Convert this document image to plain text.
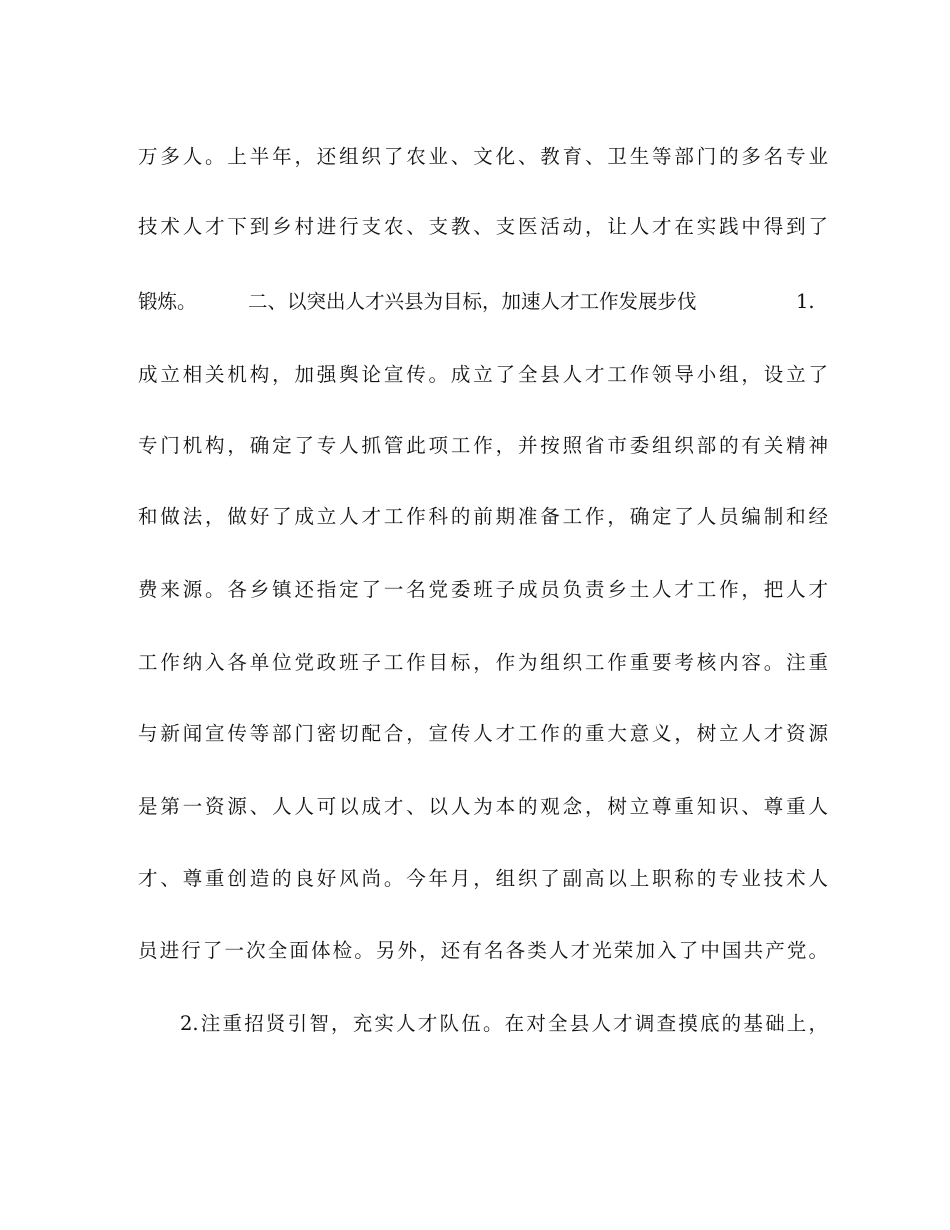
万多人。上半年，还组织了农业、文化、教育、卫生等部门的多名专业
技术人才下到乡村进行支农、支教、支医活动，让人才在实践中得到了
锻炼。	二、以突出人才兴县为目标，加速人才工作发展步伐	1.
成立相关机构，加强舆论宣传。成立了全县人才工作领导小组，设立了
专门机构，确定了专人抓管此项工作，并按照省市委组织部的有关精神
和做法，做好了成立人才工作科的前期准备工作，确定了人员编制和经
费来源。各乡镇还指定了一名党委班子成员负责乡土人才工作，把人才
工作纳入各单位党政班子工作目标，作为组织工作重要考核内容。注重
与新闻宣传等部门密切配合，宣传人才工作的重大意义，树立人才资源
是第一资源、人人可以成才、以人为本的观念，树立尊重知识、尊重人
才、尊重创造的良好风尚。今年月，组织了副高以上职称的专业技术人
员进行了一次全面体检。另外，还有名各类人才光荣加入了中国共产党。
2.注重招贤引智，充实人才队伍。在对全县人才调查摸底的基础上，
